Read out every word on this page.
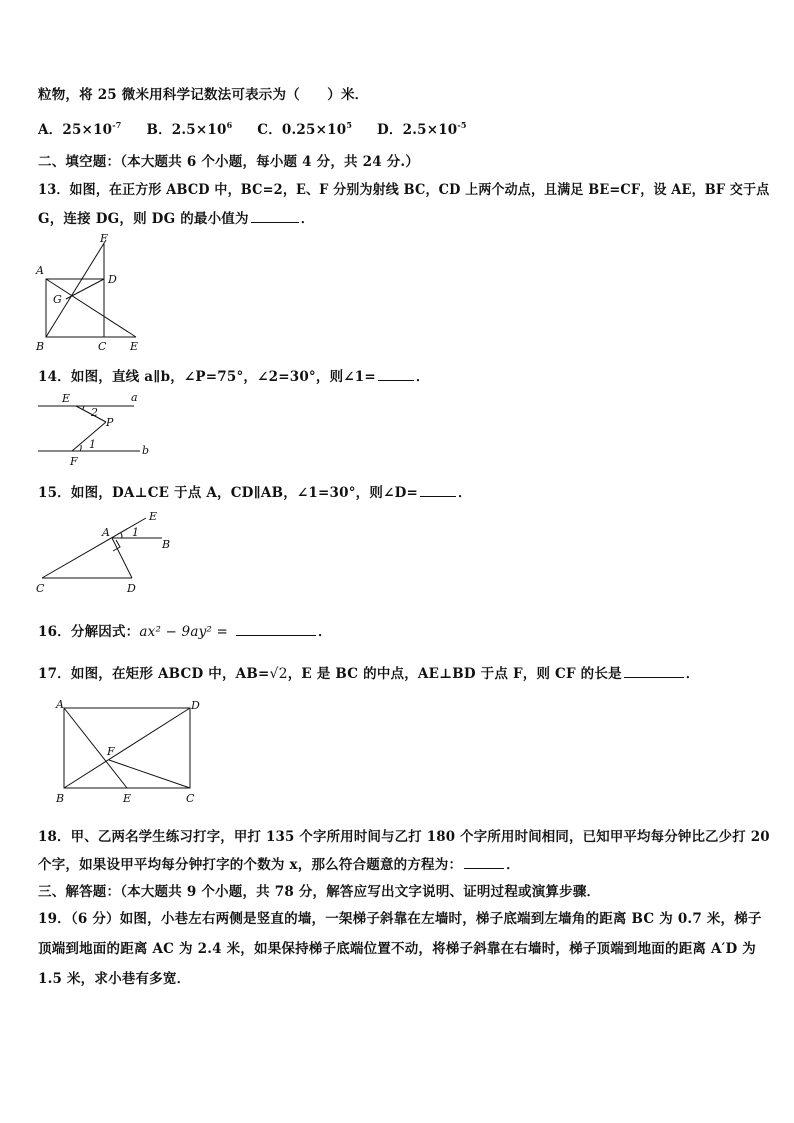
粒物，将 25 微米用科学记数法可表示为（　　）米．
A．$25\times 10^{-7}$ B．$2.5\times 10^6$ C．$0.25\times 10^5$ D．$2.5\times 10^{-5}$
二、填空题：（本大题共 6 个小题，每小题 4 分，共 24 分.）
13．如图，在正方形 ABCD 中，BC=2，E、F 分别为射线 BC，CD 上两个动点，且满足 BE=CF，设 AE，BF 交于点
G，连接 DG，则 DG 的最小值为	．
A
B	C
D
E
F
G
14．如图，直线 a∥b，∠P=75°，∠2=30°，则∠1=	．
E
2
P
1
F
a
b
15．如图，DA⊥CE 于点 A，CD∥AB，∠1=30°，则∠D=	．
A
B
C	D
E
1
16．分解因式：ax² − 9ay² =	．
17．如图，在矩形 ABCD 中，AB=√2，E 是 BC 的中点，AE⊥BD 于点 F，则 CF 的长是	．
A
B	C
D
E
F
18．甲、乙两名学生练习打字，甲打 135 个字所用时间与乙打 180 个字所用时间相同，已知甲平均每分钟比乙少打 20
个字，如果设甲平均每分钟打字的个数为 x，那么符合题意的方程为：	．
三、解答题：（本大题共 9 个小题，共 78 分，解答应写出文字说明、证明过程或演算步骤．
19．（6 分）如图，小巷左右两侧是竖直的墙，一架梯子斜靠在左墙时，梯子底端到左墙角的距离 BC 为 0.7 米，梯子
顶端到地面的距离 AC 为 2.4 米，如果保持梯子底端位置不动，将梯子斜靠在右墙时，梯子顶端到地面的距离 A′D 为
1.5 米，求小巷有多宽．
